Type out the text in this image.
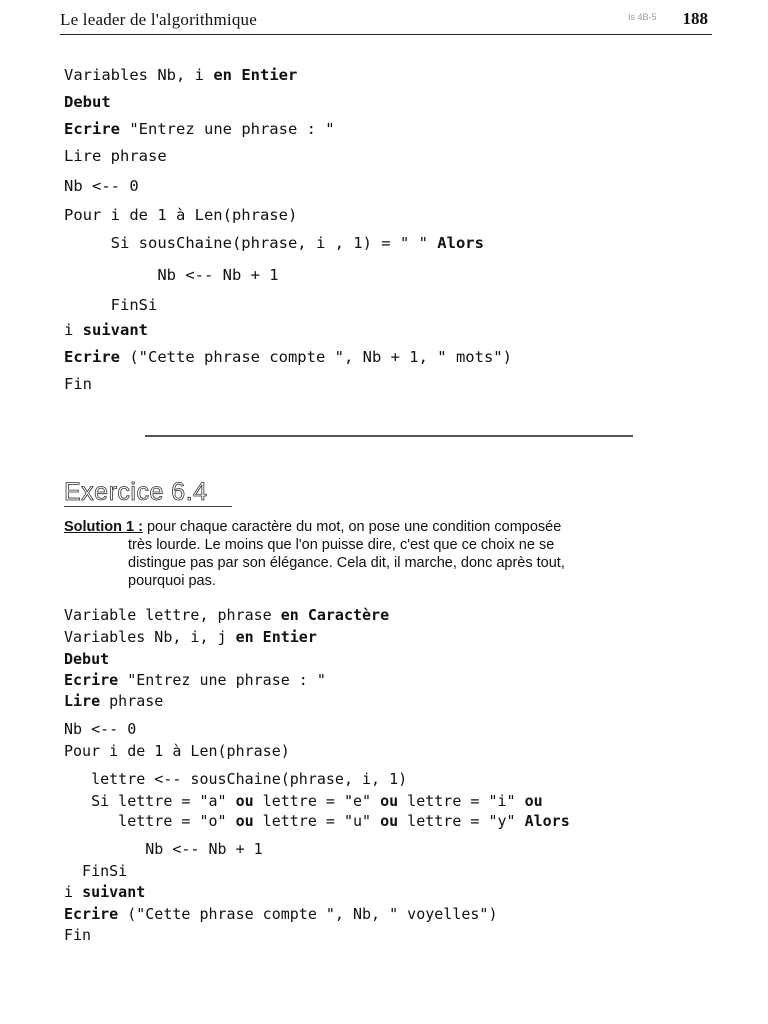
Le leader de l'algorithmique	Is 4B-5 188
Variables Nb, i en Entier
Debut
Ecrire "Entrez une phrase : "
Lire phrase
Nb <-- 0
Pour i de 1 à Len(phrase)
Si sousChaine(phrase, i , 1) = " " Alors
Nb <-- Nb + 1
FinSi
i suivant
Ecrire ("Cette phrase compte ", Nb + 1, " mots")
Fin
Exercice 6.4
Solution 1 : pour chaque caractère du mot, on pose une condition composée
très lourde. Le moins que l'on puisse dire, c'est que ce choix ne se
distingue pas par son élégance. Cela dit, il marche, donc après tout,
pourquoi pas.
Variable lettre, phrase en Caractère
Variables Nb, i, j en Entier
Debut
Ecrire "Entrez une phrase : "
Lire phrase
Nb <-- 0
Pour i de 1 à Len(phrase)
lettre <-- sousChaine(phrase, i, 1)
Si lettre = "a" ou lettre = "e" ou lettre = "i" ou
lettre = "o" ou lettre = "u" ou lettre = "y" Alors
Nb <-- Nb + 1
FinSi
i suivant
Ecrire ("Cette phrase compte ", Nb, " voyelles")
Fin
